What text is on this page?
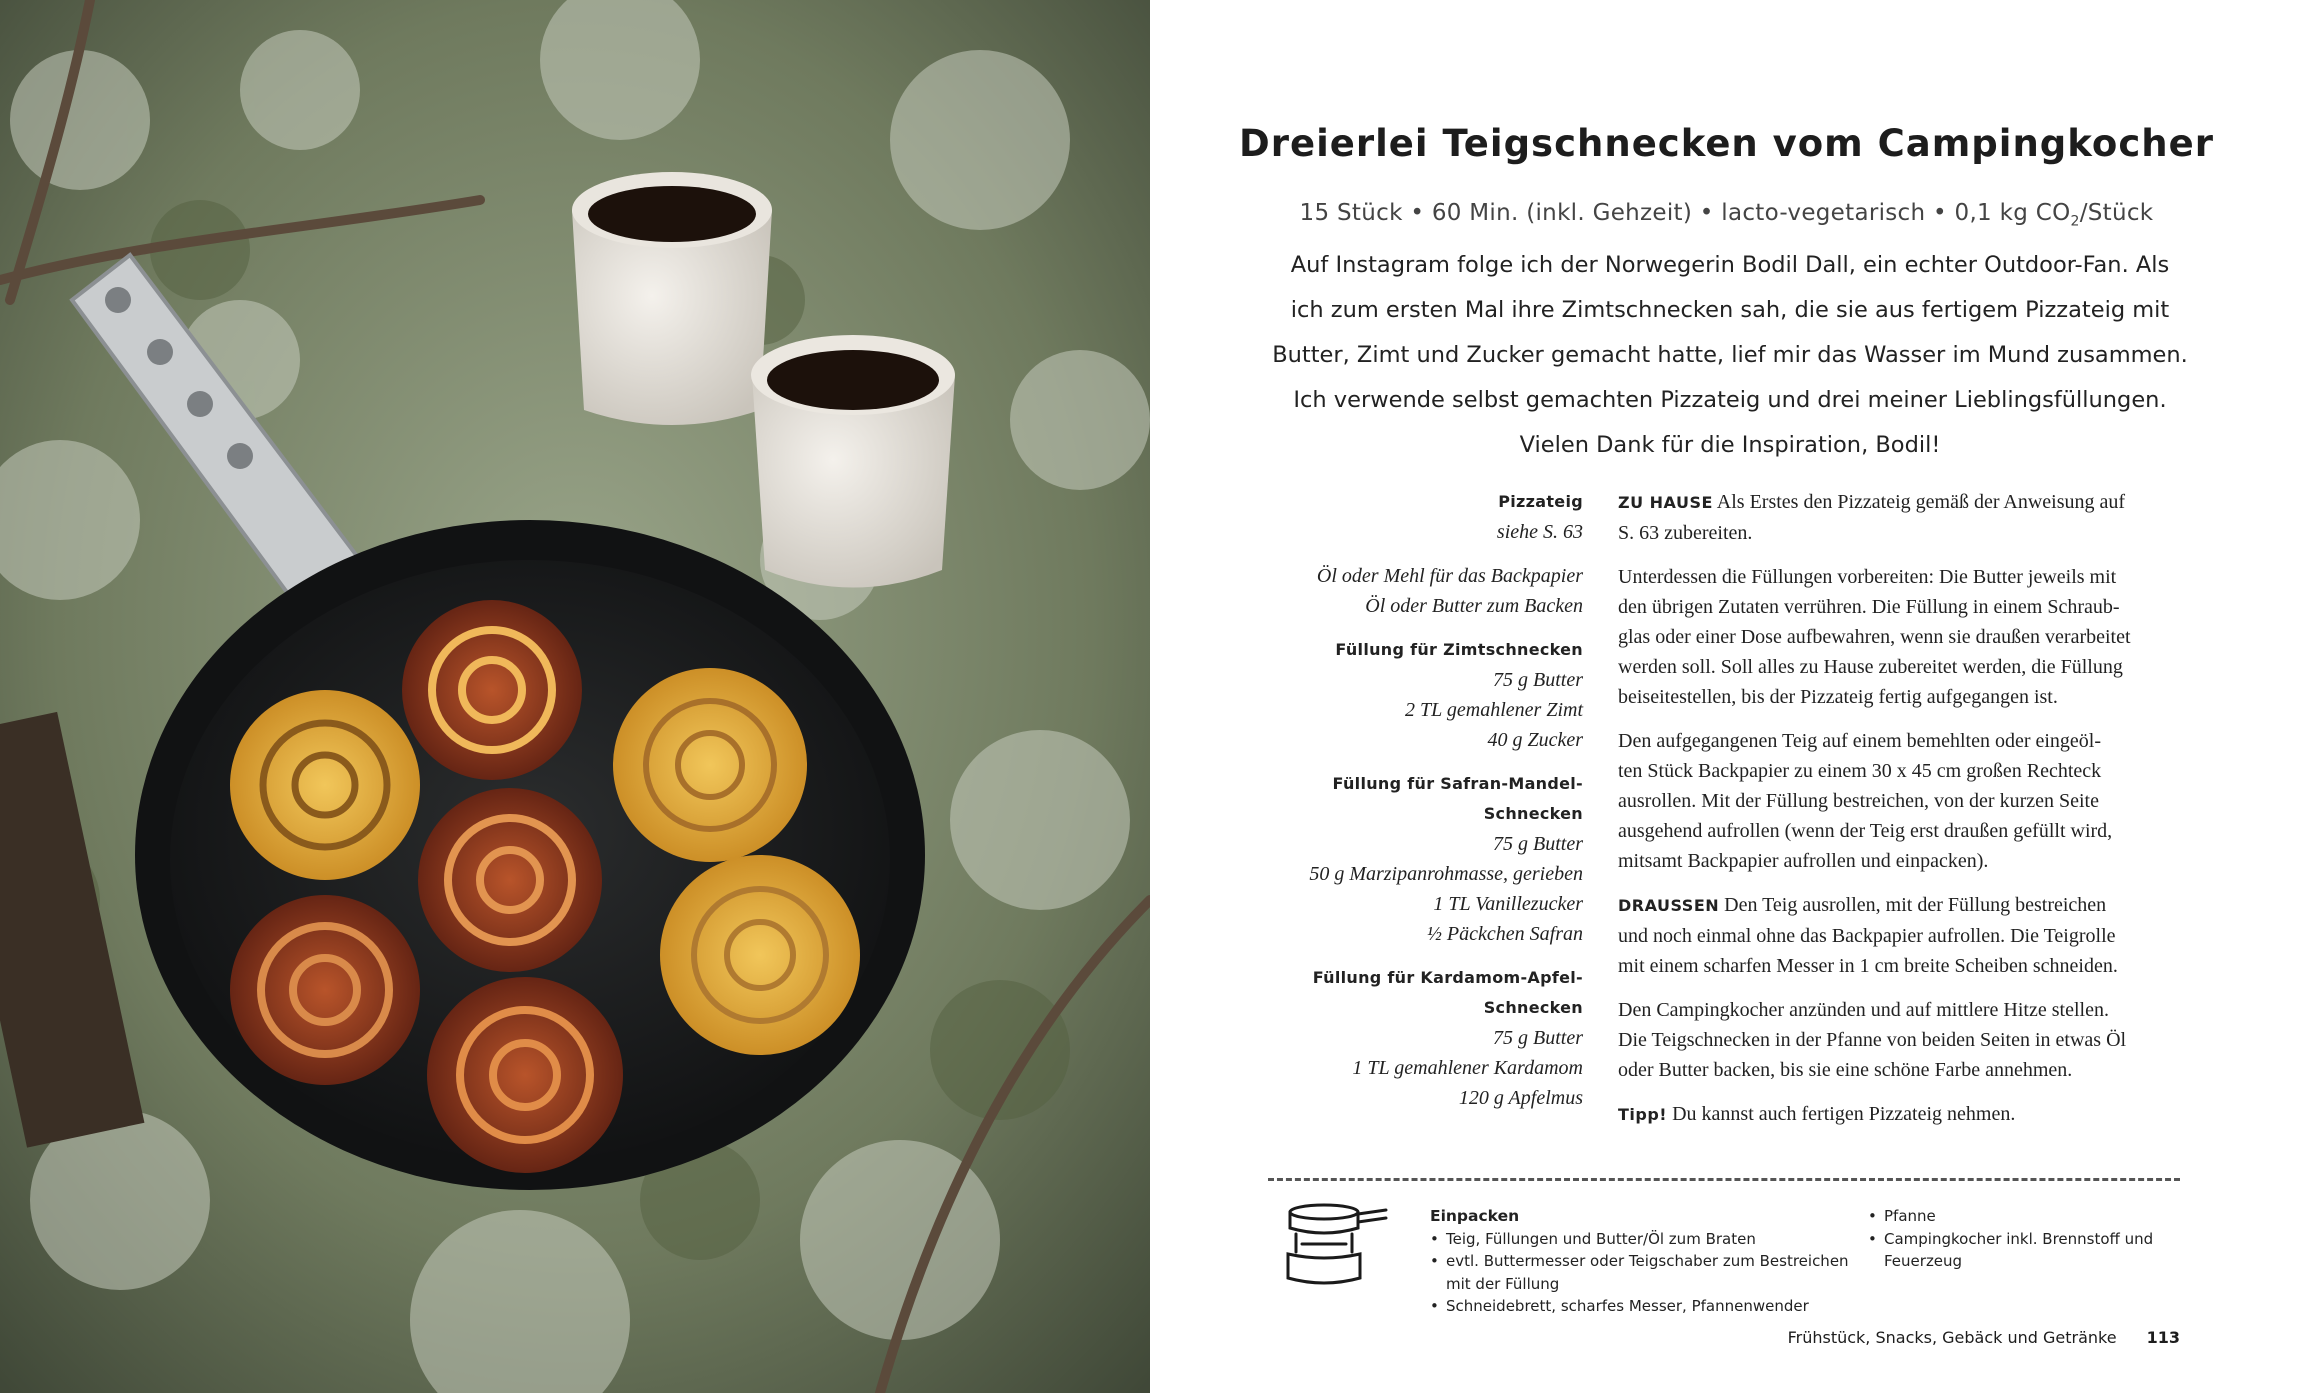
Dreierlei Teigschnecken vom Campingkocher
15 Stück • 60 Min. (inkl. Gehzeit) • lacto-vegetarisch • 0,1 kg $CO_2$/Stück
Auf Instagram folge ich der Norwegerin Bodil Dall, ein echter Outdoor-Fan. Als
ich zum ersten Mal ihre Zimtschnecken sah, die sie aus fertigem Pizzateig mit
Butter, Zimt und Zucker gemacht hatte, lief mir das Wasser im Mund zusammen.
Ich verwende selbst gemachten Pizzateig und drei meiner Lieblingsfüllungen.
Vielen Dank für die Inspiration, Bodil!
Pizzateig
siehe S. 63
Öl oder Mehl für das Backpapier
Öl oder Butter zum Backen
Füllung für Zimtschnecken
75 g Butter
2 TL gemahlener Zimt
40 g Zucker
Füllung für Safran-Mandel-
Schnecken
75 g Butter
50 g Marzipanrohmasse, gerieben
1 TL Vanillezucker
½ Päckchen Safran
Füllung für Kardamom-Apfel-
Schnecken
75 g Butter
1 TL gemahlener Kardamom
120 g Apfelmus

ZU HAUSE Als Erstes den Pizzateig gemäß der Anweisung auf
S. 63 zubereiten.

Unterdessen die Füllungen vorbereiten: Die Butter jeweils mit
den übrigen Zutaten verrühren. Die Füllung in einem Schraub-
glas oder einer Dose aufbewahren, wenn sie draußen verarbeitet
werden soll. Soll alles zu Hause zubereitet werden, die Füllung
beiseitestellen, bis der Pizzateig fertig aufgegangen ist.

Den aufgegangenen Teig auf einem bemehlten oder eingeöl-
ten Stück Backpapier zu einem 30 x 45 cm großen Rechteck
ausrollen. Mit der Füllung bestreichen, von der kurzen Seite
ausgehend aufrollen (wenn der Teig erst draußen gefüllt wird,
mitsamt Backpapier aufrollen und einpacken).

DRAUSSEN Den Teig ausrollen, mit der Füllung bestreichen
und noch einmal ohne das Backpapier aufrollen. Die Teigrolle
mit einem scharfen Messer in 1 cm breite Scheiben schneiden.

Den Campingkocher anzünden und auf mittlere Hitze stellen.
Die Teigschnecken in der Pfanne von beiden Seiten in etwas Öl
oder Butter backen, bis sie eine schöne Farbe annehmen.

Tipp! Du kannst auch fertigen Pizzateig nehmen.

Einpacken
• Teig, Füllungen und Butter/Öl zum Braten
• evtl. Buttermesser oder Teigschaber zum Bestreichen mit der Füllung
• Schneidebrett, scharfes Messer, Pfannenwender
• Pfanne
• Campingkocher inkl. Brennstoff und Feuerzeug
Frühstück, Snacks, Gebäck und Getränke 113
